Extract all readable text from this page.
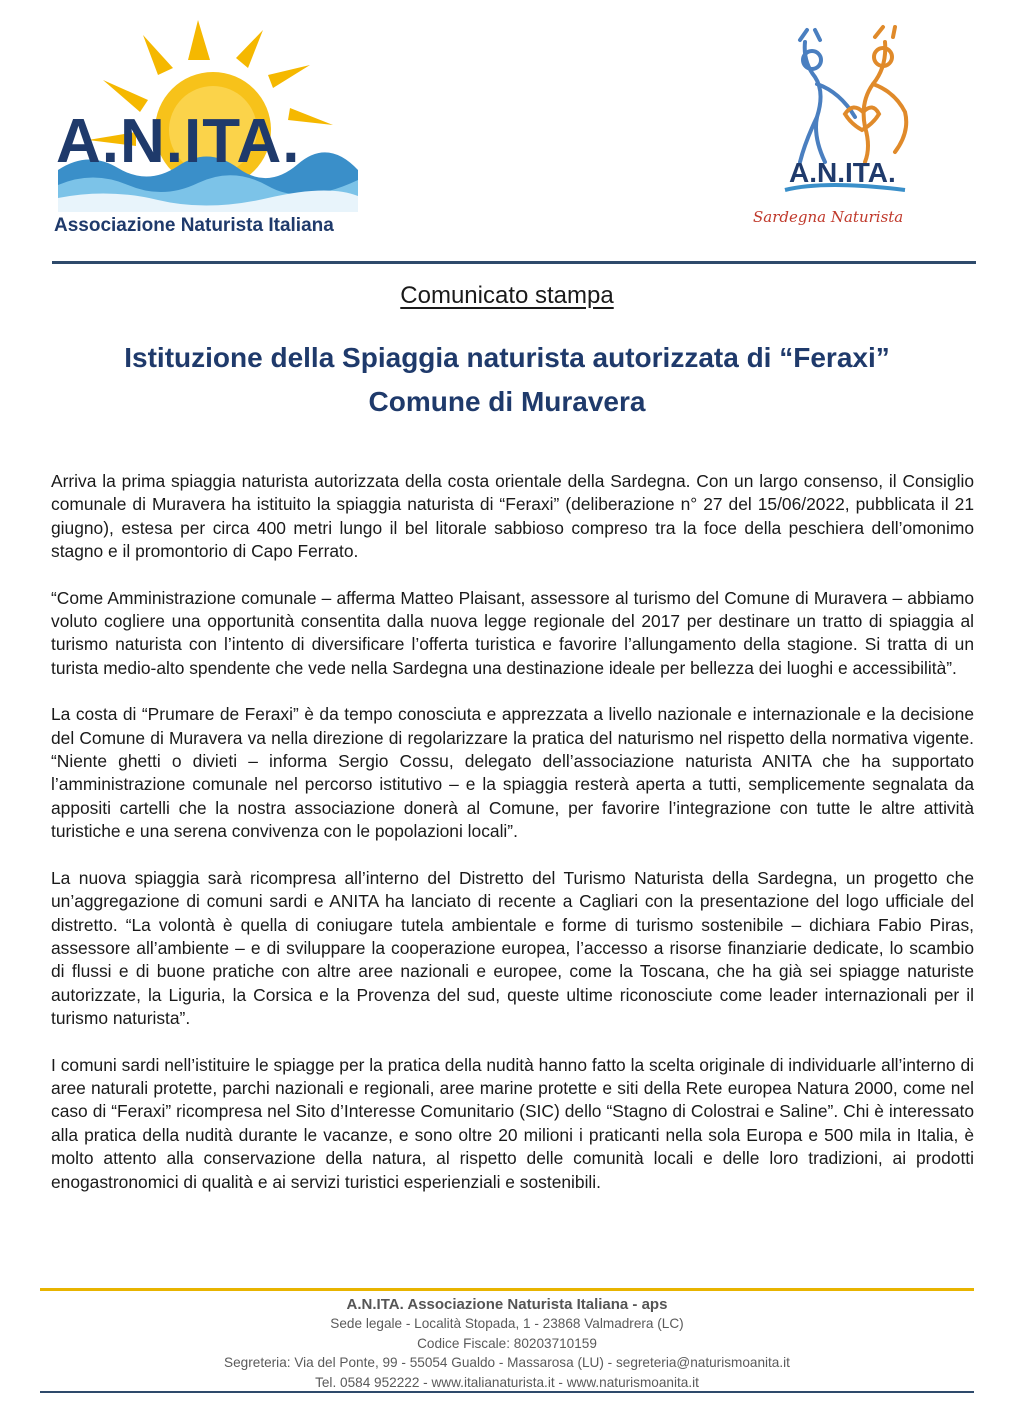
A.N.ITA.
Associazione Naturista Italiana
A.N.ITA.
Sardegna Naturista
Comunicato stampa
Istituzione della Spiaggia naturista autorizzata di “Feraxi”
Comune di Muravera

Arriva la prima spiaggia naturista autorizzata della costa orientale della Sardegna. Con un largo consenso, il Consiglio comunale di Muravera ha istituito la spiaggia naturista di “Feraxi” (deliberazione n° 27 del 15/06/2022, pubblicata il 21 giugno), estesa per circa 400 metri lungo il bel litorale sabbioso compreso tra la foce della peschiera dell’omonimo stagno e il promontorio di Capo Ferrato.

“Come Amministrazione comunale – afferma Matteo Plaisant, assessore al turismo del Comune di Muravera – abbiamo voluto cogliere una opportunità consentita dalla nuova legge regionale del 2017 per destinare un tratto di spiaggia al turismo naturista con l’intento di diversificare l’offerta turistica e favorire l’allungamento della stagione. Si tratta di un turista medio-alto spendente che vede nella Sardegna una destinazione ideale per bellezza dei luoghi e accessibilità”.

La costa di “Prumare de Feraxi” è da tempo conosciuta e apprezzata a livello nazionale e internazionale e la decisione del Comune di Muravera va nella direzione di regolarizzare la pratica del naturismo nel rispetto della normativa vigente. “Niente ghetti o divieti – informa Sergio Cossu, delegato dell’associazione naturista ANITA che ha supportato l’amministrazione comunale nel percorso istitutivo – e la spiaggia resterà aperta a tutti, semplicemente segnalata da appositi cartelli che la nostra associazione donerà al Comune, per favorire l’integrazione con tutte le altre attività turistiche e una serena convivenza con le popolazioni locali”.

La nuova spiaggia sarà ricompresa all’interno del Distretto del Turismo Naturista della Sardegna, un progetto che un’aggregazione di comuni sardi e ANITA ha lanciato di recente a Cagliari con la presentazione del logo ufficiale del distretto. “La volontà è quella di coniugare tutela ambientale e forme di turismo sostenibile – dichiara Fabio Piras, assessore all’ambiente – e di sviluppare la cooperazione europea, l’accesso a risorse finanziarie dedicate, lo scambio di flussi e di buone pratiche con altre aree nazionali e europee, come la Toscana, che ha già sei spiagge naturiste autorizzate, la Liguria, la Corsica e la Provenza del sud, queste ultime riconosciute come leader internazionali per il turismo naturista”.

I comuni sardi nell’istituire le spiagge per la pratica della nudità hanno fatto la scelta originale di individuarle all’interno di aree naturali protette, parchi nazionali e regionali, aree marine protette e siti della Rete europea Natura 2000, come nel caso di “Feraxi” ricompresa nel Sito d’Interesse Comunitario (SIC) dello “Stagno di Colostrai e Saline”. Chi è interessato alla pratica della nudità durante le vacanze, e sono oltre 20 milioni i praticanti nella sola Europa e 500 mila in Italia, è molto attento alla conservazione della natura, al rispetto delle comunità locali e delle loro tradizioni, ai prodotti enogastronomici di qualità e ai servizi turistici esperienziali e sostenibili.

A.N.ITA. Associazione Naturista Italiana - aps
Sede legale - Località Stopada, 1 - 23868 Valmadrera (LC)
Codice Fiscale: 80203710159
Segreteria: Via del Ponte, 99 - 55054 Gualdo - Massarosa (LU) - segreteria@naturismoanita.it
Tel. 0584 952222 - www.italianaturista.it - www.naturismoanita.it
